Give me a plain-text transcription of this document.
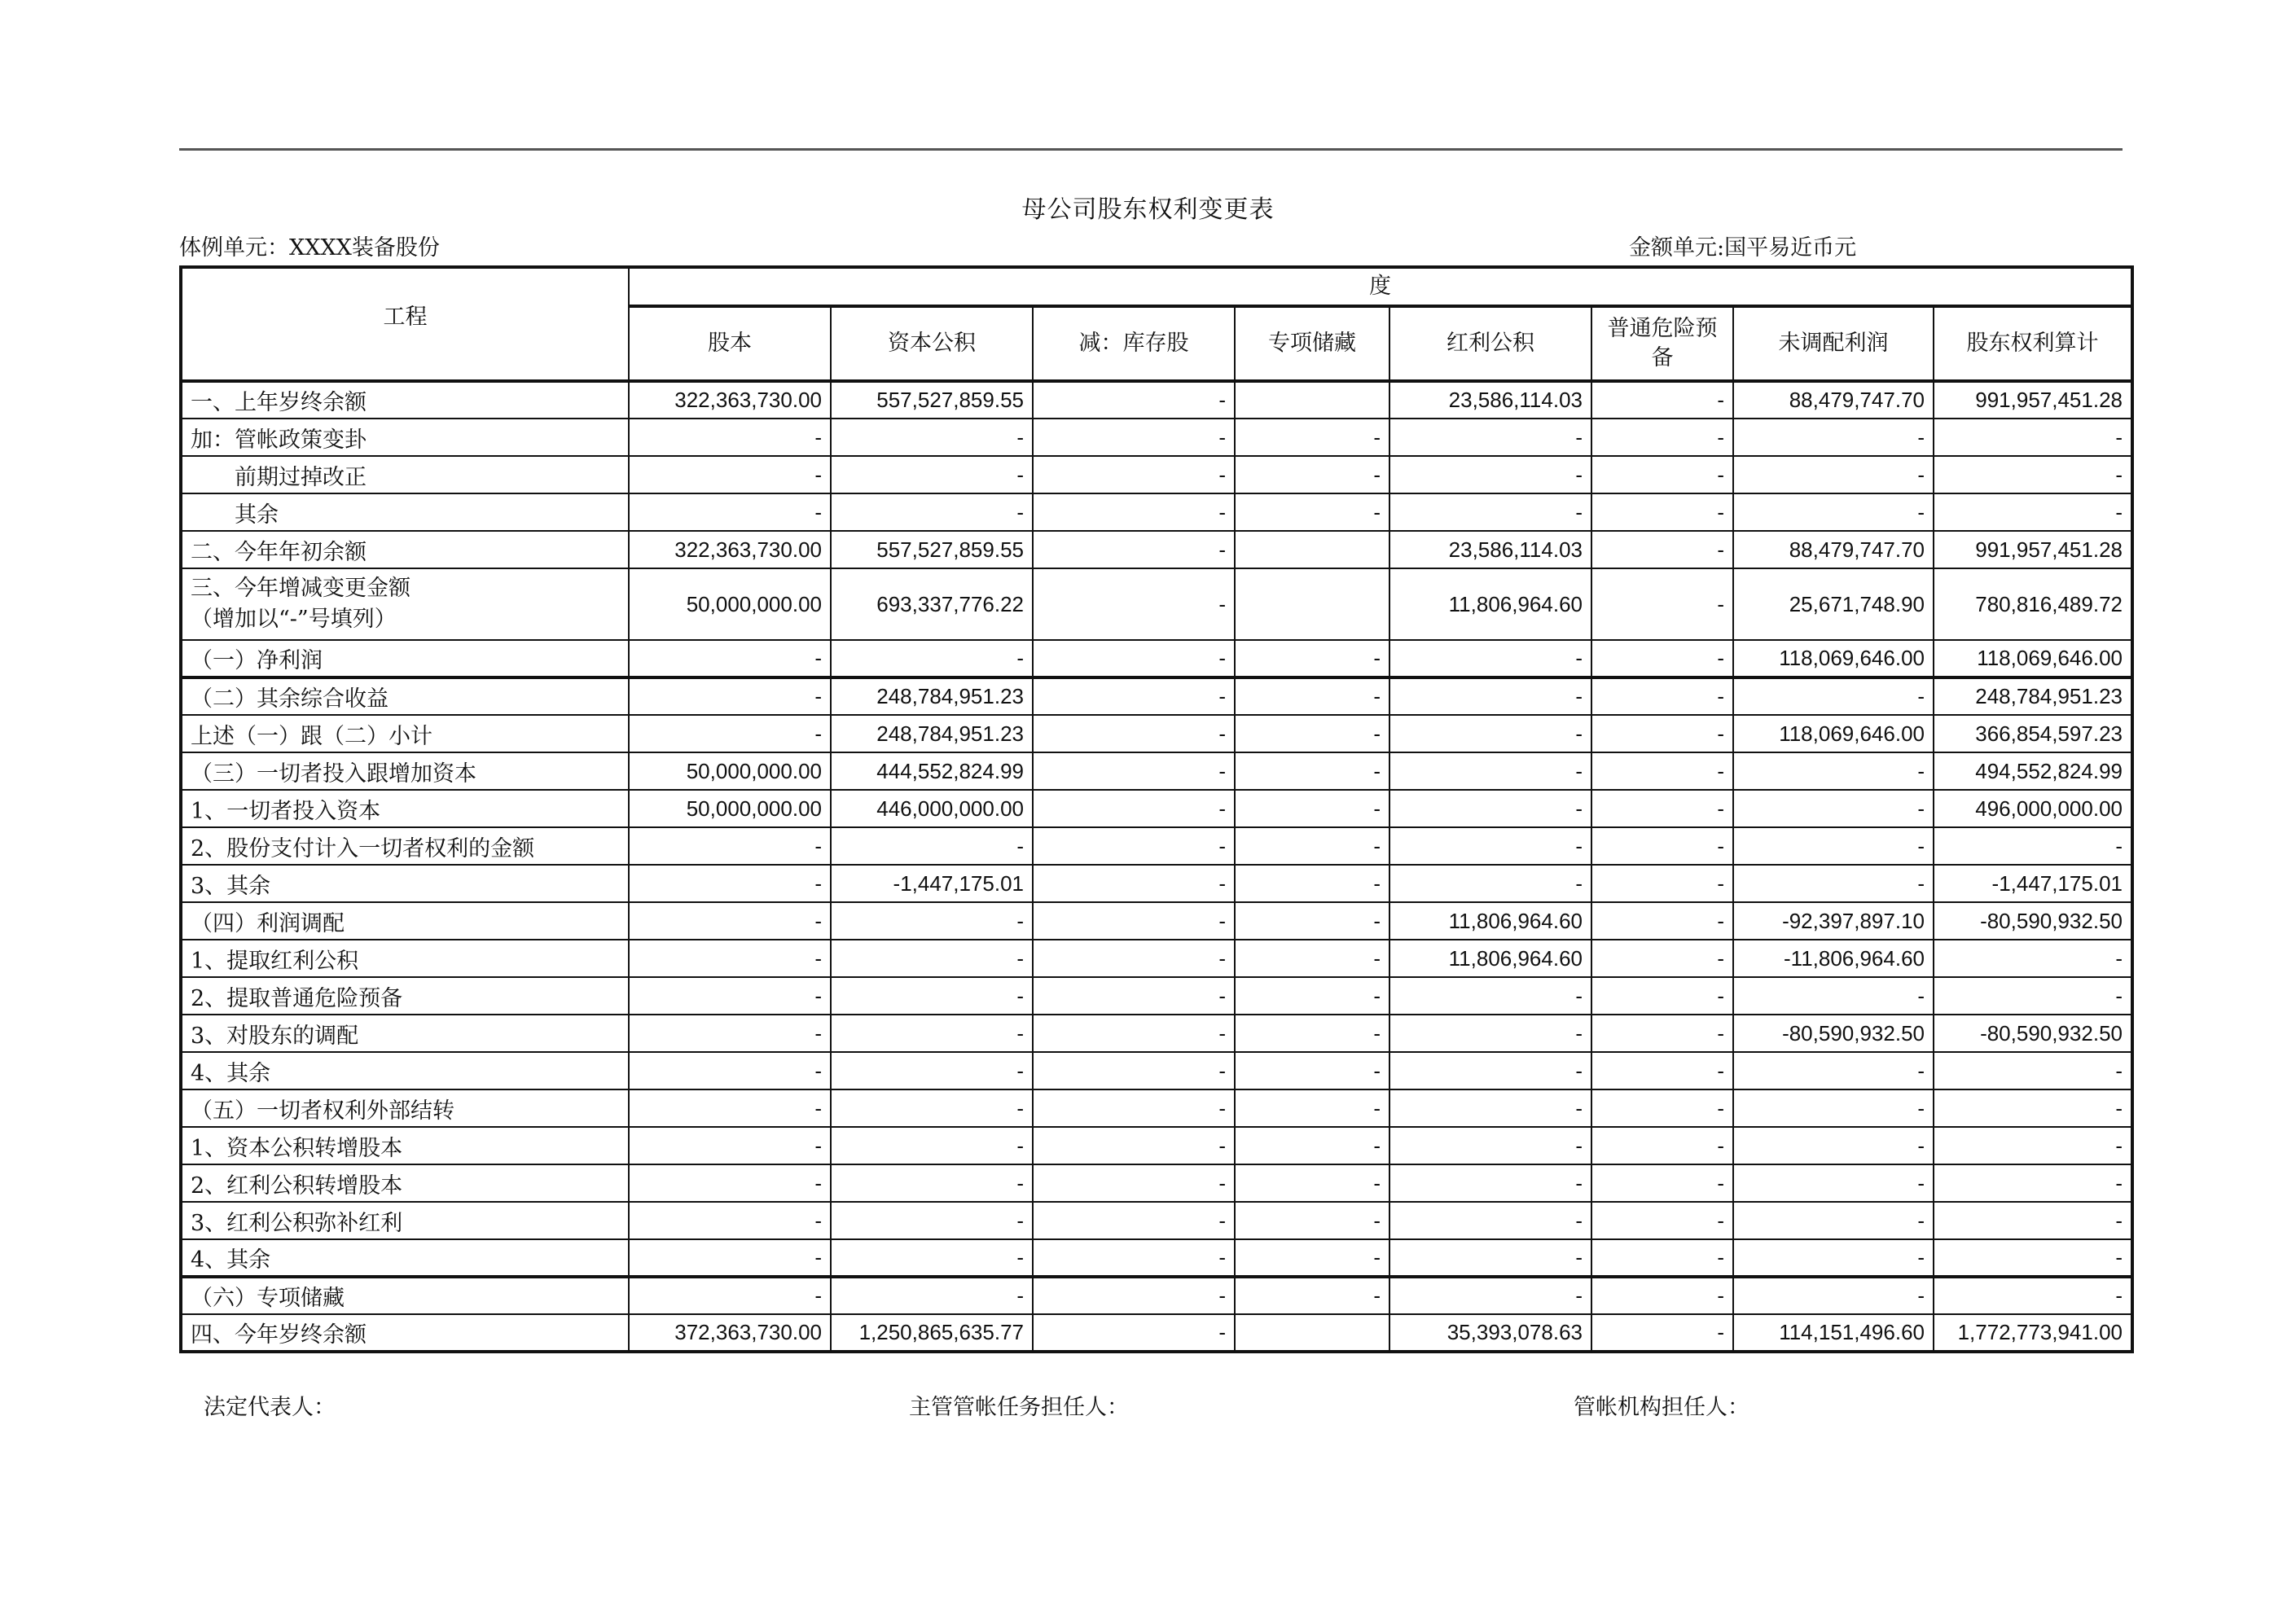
母公司股东权利变更表
体例单元：XXXX装备股份	金额单元:国平易近币元
工程	度							
	股本	资本公积	减：库存股	专项储藏	红利公积	普通危险预备	未调配利润	股东权利算计
一、上年岁终余额	322,363,730.00	557,527,859.55	-		23,586,114.03	-	88,479,747.70	991,957,451.28
加：管帐政策变卦	-	-	-	-	-	-	-	-
前期过掉改正	-	-	-	-	-	-	-	-
其余	-	-	-	-	-	-	-	-
二、今年年初余额	322,363,730.00	557,527,859.55	-		23,586,114.03	-	88,479,747.70	991,957,451.28

三、今年增减变更金额
（增加以“-”号填列）	50,000,000.00	693,337,776.22	-		11,806,964.60	-	25,671,748.90	780,816,489.72
（一）净利润	-	-	-	-	-	-	118,069,646.00	118,069,646.00
（二）其余综合收益	-	248,784,951.23	-	-	-	-	-	248,784,951.23
上述（一）跟（二）小计	-	248,784,951.23	-	-	-	-	118,069,646.00	366,854,597.23
（三）一切者投入跟增加资本	50,000,000.00	444,552,824.99	-	-	-	-	-	494,552,824.99
1、一切者投入资本	50,000,000.00	446,000,000.00	-	-	-	-	-	496,000,000.00
2、股份支付计入一切者权利的金额	-	-	-	-	-	-	-	-
3、其余	-	-1,447,175.01	-	-	-	-	-	-1,447,175.01
（四）利润调配	-	-	-	-	11,806,964.60	-	-92,397,897.10	-80,590,932.50
1、提取红利公积	-	-	-	-	11,806,964.60	-	-11,806,964.60	-
2、提取普通危险预备	-	-	-	-	-	-	-	-
3、对股东的调配	-	-	-	-	-	-	-80,590,932.50	-80,590,932.50
4、其余	-	-	-	-	-	-	-	-
（五）一切者权利外部结转	-	-	-	-	-	-	-	-
1、资本公积转增股本	-	-	-	-	-	-	-	-
2、红利公积转增股本	-	-	-	-	-	-	-	-
3、红利公积弥补红利	-	-	-	-	-	-	-	-
4、其余	-	-	-	-	-	-	-	-
（六）专项储藏	-	-	-	-	-	-	-	-
四、今年岁终余额	372,363,730.00	1,250,865,635.77	-		35,393,078.63	-	114,151,496.60	1,772,773,941.00
法定代表人：	主管管帐任务担任人：	管帐机构担任人：
